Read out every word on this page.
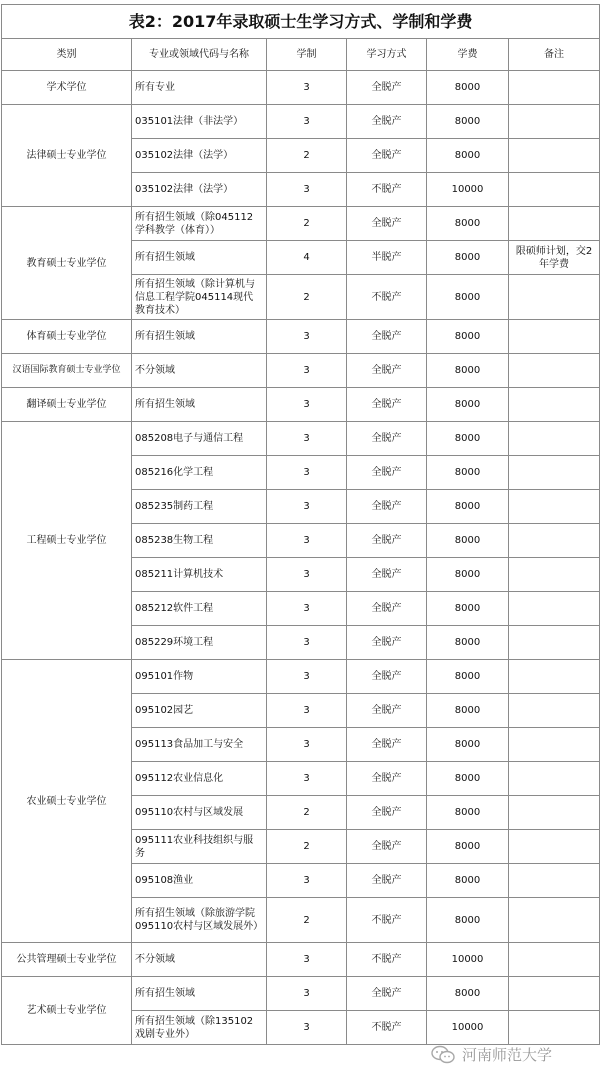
表2：2017年录取硕士生学习方式、学制和学费					
类别	专业或领域代码与名称	学制	学习方式	学费	备注
学术学位	所有专业	3	全脱产	8000	
法律硕士专业学位	035101法律（非法学）	3	全脱产	8000	
	035102法律（法学）	2	全脱产	8000	
	035102法律（法学）	3	不脱产	10000	
教育硕士专业学位	所有招生领域（除045112学科教学（体育））	2	全脱产	8000	
	所有招生领域	4	半脱产	8000	限硕师计划，交2年学费
	所有招生领域（除计算机与信息工程学院045114现代教育技术）	2	不脱产	8000	
体育硕士专业学位	所有招生领域	3	全脱产	8000	
汉语国际教育硕士专业学位	不分领域	3	全脱产	8000	
翻译硕士专业学位	所有招生领域	3	全脱产	8000	
工程硕士专业学位	085208电子与通信工程	3	全脱产	8000	
	085216化学工程	3	全脱产	8000	
	085235制药工程	3	全脱产	8000	
	085238生物工程	3	全脱产	8000	
	085211计算机技术	3	全脱产	8000	
	085212软件工程	3	全脱产	8000	
	085229环境工程	3	全脱产	8000	
农业硕士专业学位	095101作物	3	全脱产	8000	
	095102园艺	3	全脱产	8000	
	095113食品加工与安全	3	全脱产	8000	
	095112农业信息化	3	全脱产	8000	
	095110农村与区域发展	2	全脱产	8000	
	095111农业科技组织与服务	2	全脱产	8000	
	095108渔业	3	全脱产	8000	
	所有招生领域（除旅游学院095110农村与区域发展外）	2	不脱产	8000	
公共管理硕士专业学位	不分领域	3	不脱产	10000	
艺术硕士专业学位	所有招生领域	3	全脱产	8000	
	所有招生领域（除135102戏剧专业外）	3	不脱产	10000	
河南师范大学
